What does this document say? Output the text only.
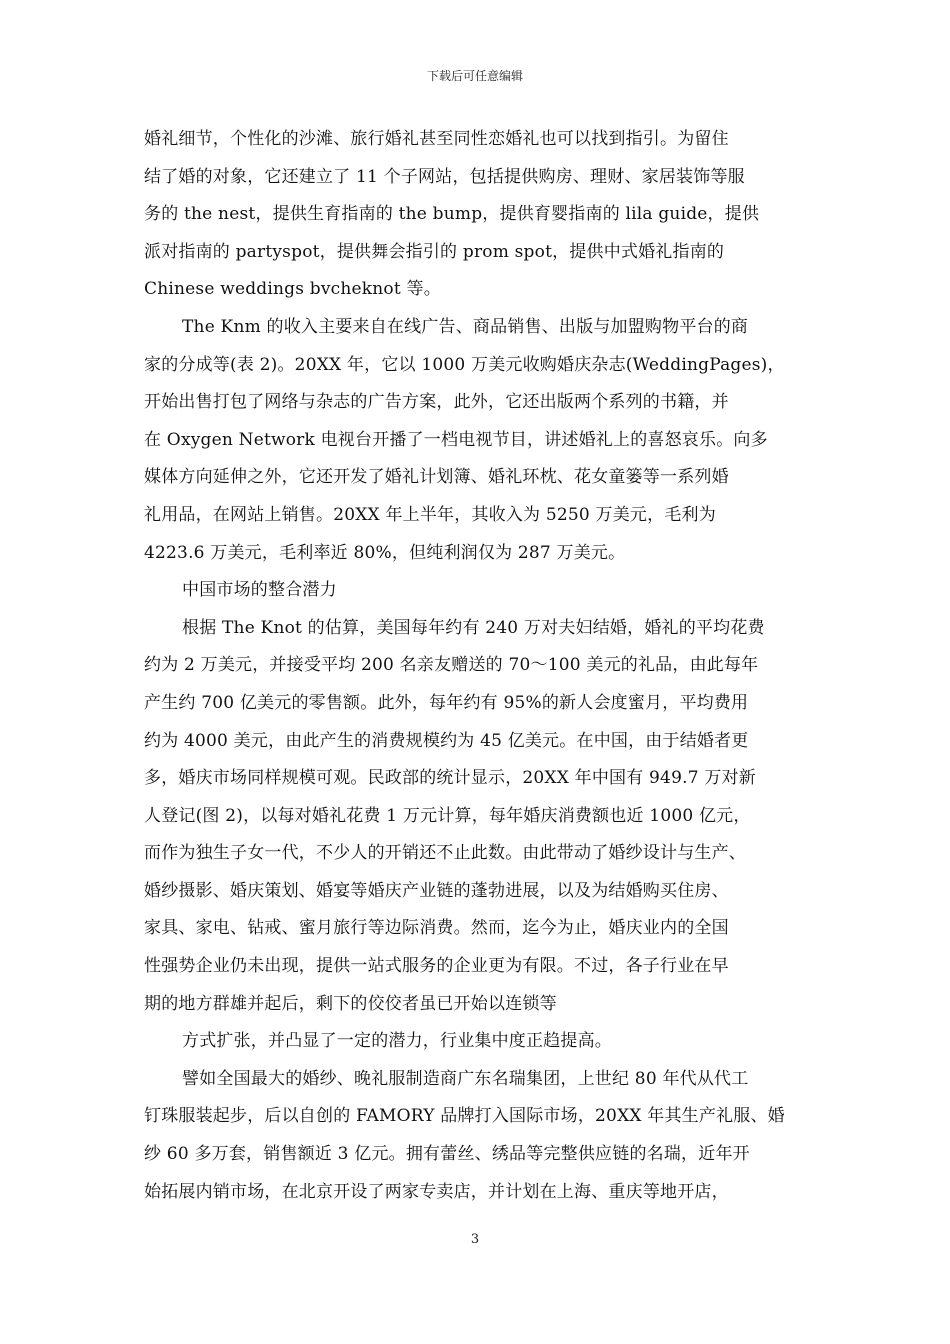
下载后可任意编辑
婚礼细节，个性化的沙滩、旅行婚礼甚至同性恋婚礼也可以找到指引。为留住
结了婚的对象，它还建立了 11 个子网站，包括提供购房、理财、家居装饰等服
务的 the nest，提供生育指南的 the bump，提供育婴指南的 lila guide，提供
派对指南的 partyspot，提供舞会指引的 prom spot，提供中式婚礼指南的
Chinese weddings bvcheknot 等。
The Knm 的收入主要来自在线广告、商品销售、出版与加盟购物平台的商
家的分成等(表 2)。20XX 年，它以 1000 万美元收购婚庆杂志(WeddingPages)，
开始出售打包了网络与杂志的广告方案，此外，它还出版两个系列的书籍，并
在 Oxygen Network 电视台开播了一档电视节目，讲述婚礼上的喜怒哀乐。向多
媒体方向延伸之外，它还开发了婚礼计划簿、婚礼环枕、花女童篓等一系列婚
礼用品，在网站上销售。20XX 年上半年，其收入为 5250 万美元，毛利为
4223.6 万美元，毛利率近 80%，但纯利润仅为 287 万美元。
中国市场的整合潜力
根据 The Knot 的估算，美国每年约有 240 万对夫妇结婚，婚礼的平均花费
约为 2 万美元，并接受平均 200 名亲友赠送的 70～100 美元的礼品，由此每年
产生约 700 亿美元的零售额。此外，每年约有 95%的新人会度蜜月，平均费用
约为 4000 美元，由此产生的消费规模约为 45 亿美元。在中国，由于结婚者更
多，婚庆市场同样规模可观。民政部的统计显示，20XX 年中国有 949.7 万对新
人登记(图 2)，以每对婚礼花费 1 万元计算，每年婚庆消费额也近 1000 亿元，
而作为独生子女一代，不少人的开销还不止此数。由此带动了婚纱设计与生产、
婚纱摄影、婚庆策划、婚宴等婚庆产业链的蓬勃进展，以及为结婚购买住房、
家具、家电、钻戒、蜜月旅行等边际消费。然而，迄今为止，婚庆业内的全国
性强势企业仍未出现，提供一站式服务的企业更为有限。不过，各子行业在早
期的地方群雄并起后，剩下的佼佼者虽已开始以连锁等
方式扩张，并凸显了一定的潜力，行业集中度正趋提高。
譬如全国最大的婚纱、晚礼服制造商广东名瑞集团，上世纪 80 年代从代工
钉珠服装起步，后以自创的 FAMORY 品牌打入国际市场，20XX 年其生产礼服、婚
纱 60 多万套，销售额近 3 亿元。拥有蕾丝、绣品等完整供应链的名瑞，近年开
始拓展内销市场，在北京开设了两家专卖店，并计划在上海、重庆等地开店，
3
